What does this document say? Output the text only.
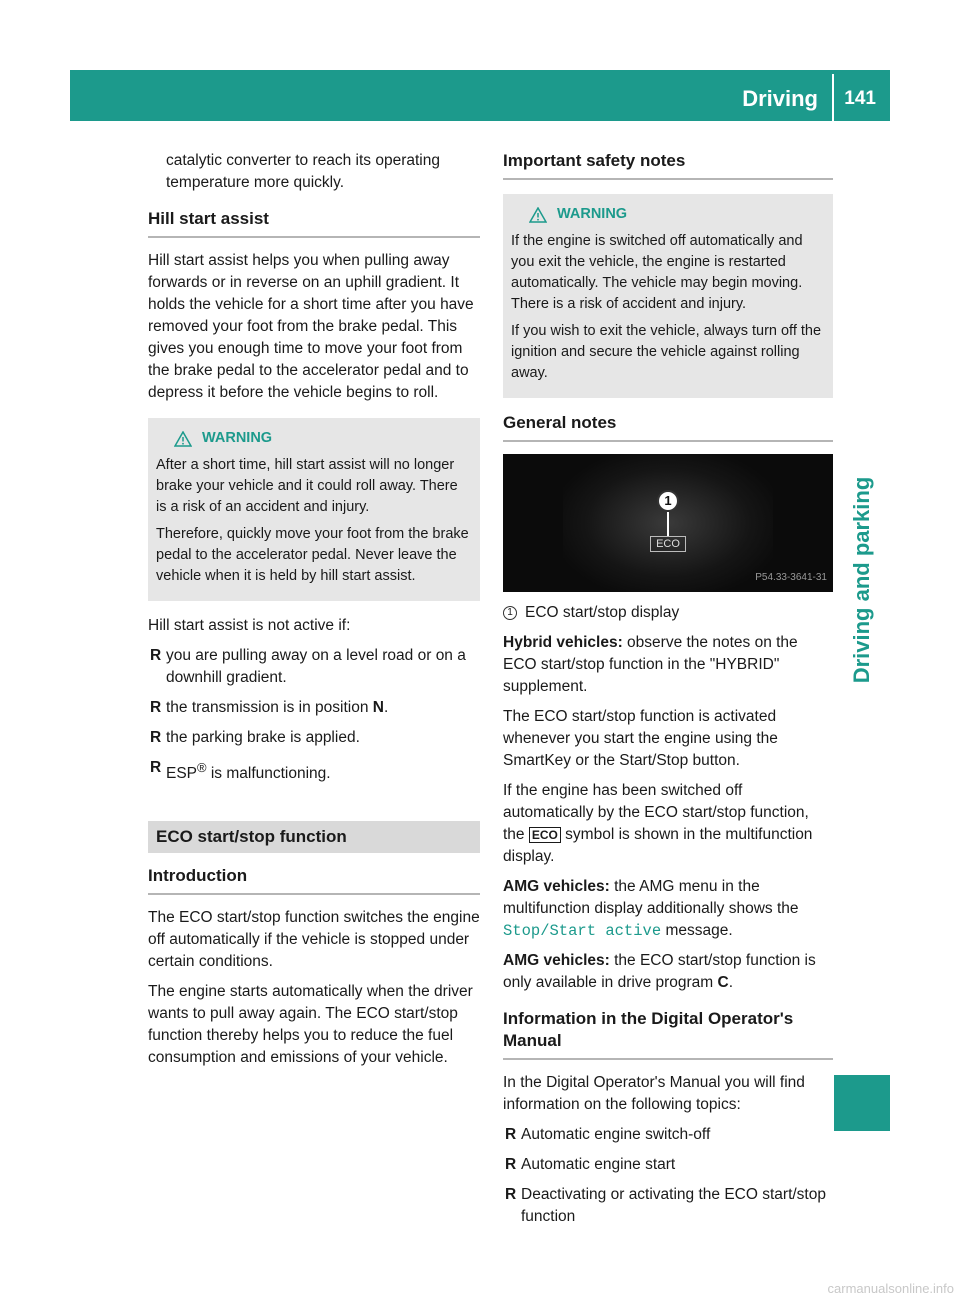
Driving 141
Driving and parking

catalytic converter to reach its operating
temperature more quickly.

Hill start assist

Hill start assist helps you when pulling away forwards or in reverse on an uphill gradient. It holds the vehicle for a short time after you have removed your foot from the brake pedal. This gives you enough time to move your foot from the brake pedal to the accelerator pedal and to depress it before the vehicle begins to roll.

WARNING

After a short time, hill start assist will no longer brake your vehicle and it could roll away. There is a risk of an accident and injury.

Therefore, quickly move your foot from the brake pedal to the accelerator pedal. Never leave the vehicle when it is held by hill start assist.

Hill start assist is not active if:

R you are pulling away on a level road or on a downhill gradient.
R the transmission is in position N.
R the parking brake is applied.
R ESP® is malfunctioning.
ECO start/stop function
Introduction

The ECO start/stop function switches the engine off automatically if the vehicle is stopped under certain conditions.

The engine starts automatically when the driver wants to pull away again. The ECO start/stop function thereby helps you to reduce the fuel consumption and emissions of your vehicle.

Important safety notes
WARNING

If the engine is switched off automatically and you exit the vehicle, the engine is restarted automatically. The vehicle may begin moving. There is a risk of accident and injury.

If you wish to exit the vehicle, always turn off the ignition and secure the vehicle against rolling away.

General notes
1
ECO
P54.33-3641-31
1 ECO start/stop display

Hybrid vehicles: observe the notes on the ECO start/stop function in the "HYBRID" supplement.

The ECO start/stop function is activated whenever you start the engine using the SmartKey or the Start/Stop button.

If the engine has been switched off automatically by the ECO start/stop function, the ECO symbol is shown in the multifunction display.

AMG vehicles: the AMG menu in the multifunction display additionally shows the Stop/Start active message.

AMG vehicles: the ECO start/stop function is only available in drive program C.

Information in the Digital Operator's Manual

In the Digital Operator's Manual you will find information on the following topics:

R Automatic engine switch-off
R Automatic engine start
R Deactivating or activating the ECO start/stop function
carmanualsonline.info
